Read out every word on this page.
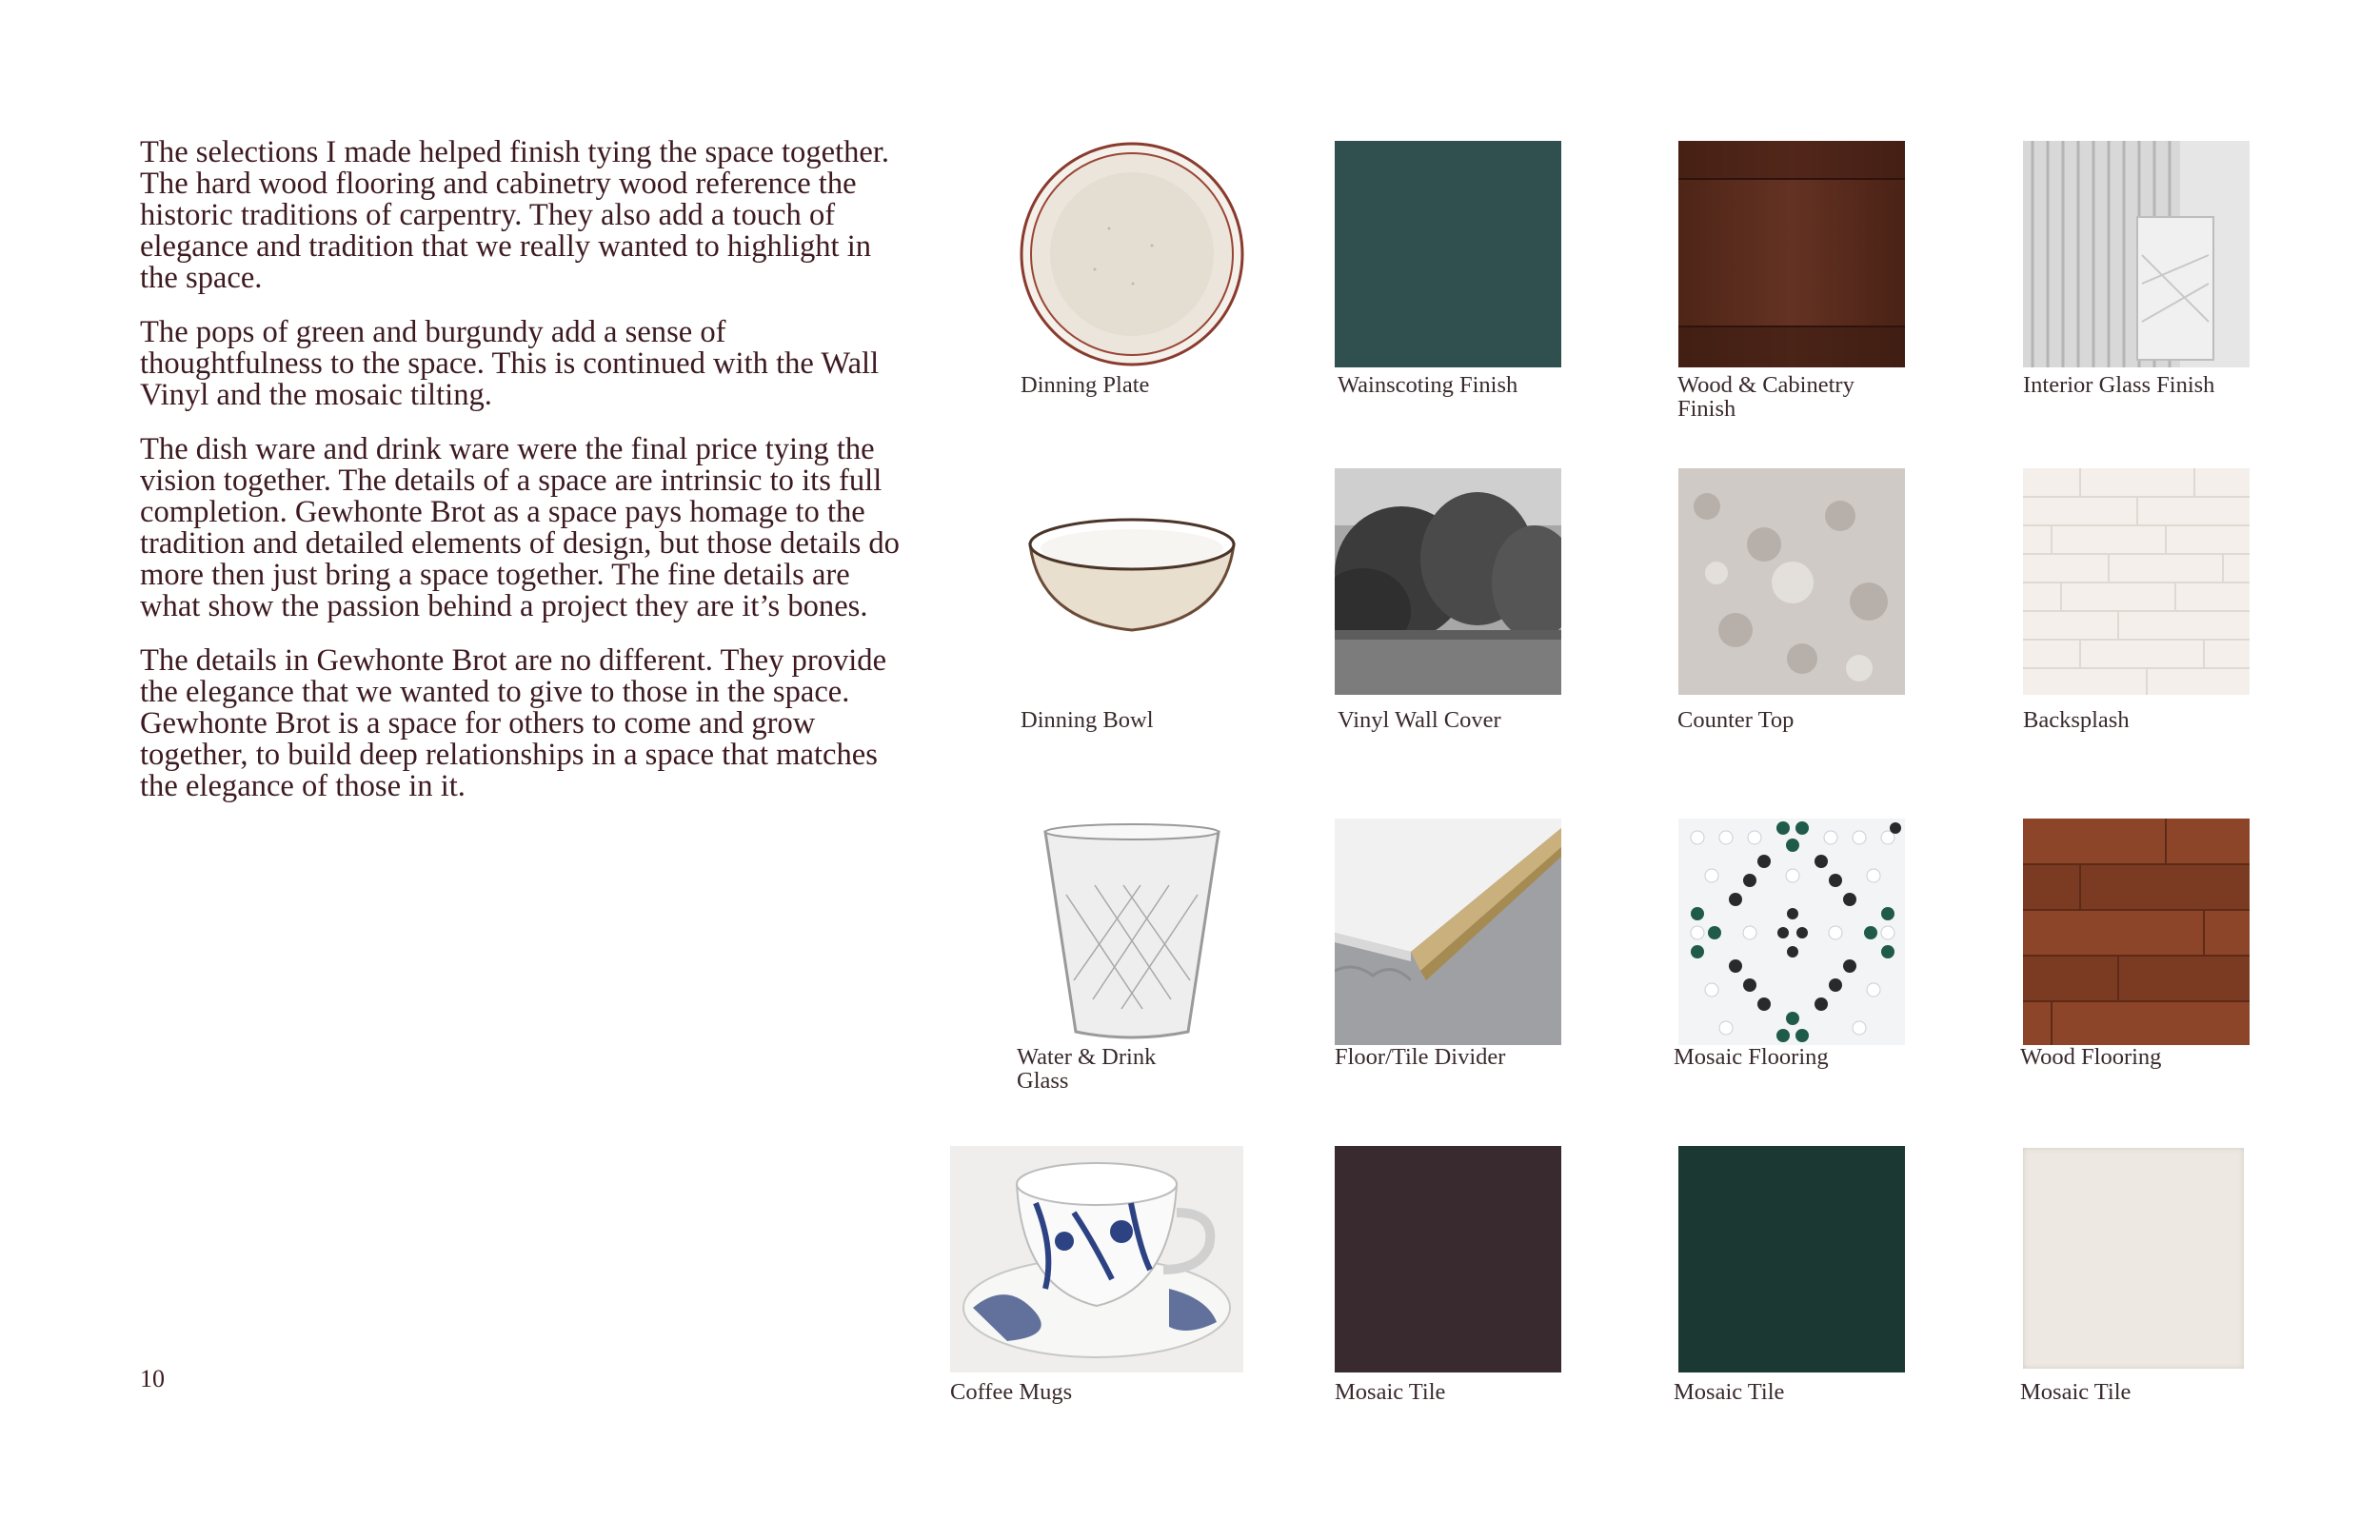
The selections I made helped finish tying the space together. The hard wood flooring and cabinetry wood reference the historic traditions of carpentry. They also add a touch of elegance and tradition that we really wanted to highlight in the space.

The pops of green and burgundy add a sense of thoughtfulness to the space. This is continued with the Wall Vinyl and the mosaic tilting.

The dish ware and drink ware were the final price tying the vision together. The details of a space are intrinsic to its full completion. Gewhonte Brot as a space pays homage to the tradition and detailed elements of design, but those details do more then just bring a space together. The fine details are what show the passion behind a project they are it’s bones.

The details in Gewhonte Brot are no different. They provide the elegance that we wanted to give to those in the space. Gewhonte Brot is a space for others to come and grow together, to build deep relationships in a space that matches the elegance of those in it.

10
Dinning Plate	Wainscoting Finish	Wood & Cabinetry
Finish
Interior Glass Finish
Dinning Bowl	Vinyl Wall Cover	Counter Top	Backsplash
Water & Drink
Glass
Floor/Tile Divider	Mosaic Flooring	Wood Flooring
Coffee Mugs	Mosaic Tile	Mosaic Tile	Mosaic Tile
